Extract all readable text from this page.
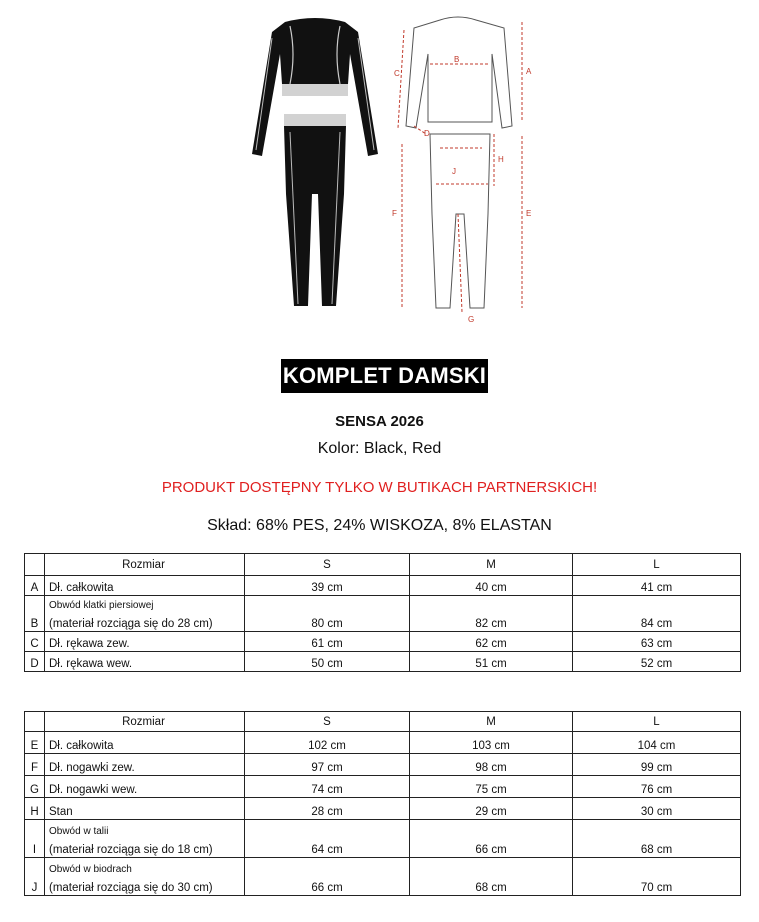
A
B
C
D
E
F
G
H
J
KOMPLET DAMSKI
SENSA 2026
Kolor: Black, Red
PRODUKT DOSTĘPNY TYLKO W BUTIKACH PARTNERSKICH!
Skład: 68% PES, 24% WISKOZA, 8% ELASTAN
	Rozmiar	S	M	L
A	Dł. całkowita	39 cm	40 cm	41 cm
B	Obwód klatki piersiowej
(materiał rozciąga się do 28 cm)	80 cm	82 cm	84 cm
C	Dł. rękawa zew.	61 cm	62 cm	63 cm
D	Dł. rękawa wew.	50 cm	51 cm	52 cm
	Rozmiar	S	M	L
E	Dł. całkowita	102 cm	103 cm	104 cm
F	Dł. nogawki zew.	97 cm	98 cm	99 cm
G	Dł. nogawki wew.	74 cm	75 cm	76 cm
H	Stan	28 cm	29 cm	30 cm
I	Obwód w talii
(materiał rozciąga się do 18 cm)	64 cm	66 cm	68 cm
J	Obwód w biodrach
(materiał rozciąga się do 30 cm)	66 cm	68 cm	70 cm
